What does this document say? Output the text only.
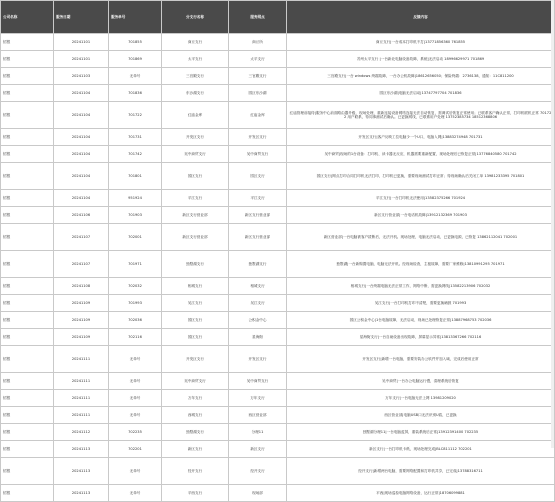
公司名称	服务日期	服务单号	分支行名称	服务网点	反馈内容
招银	20241101	701855	商丘支行	商丘所	商丘支行|一台成本打印机不打|13771856360 761855
招银	20241101	701869	太平支行	太平支行	苏州太平支行 |一台新北电脑设备故障，系统|无法启动 18996629971 701869
招银	20241103	无单号	三官殿支行	三官殿支行	三官殿支行|一台 windows 终端故障，一台办公机故障|18612656050；保险终端：2736138，通知：11C811200
招银	20241104	701836	东沙湖支行	园区东沙湖	园区东沙湖|电脑无法启动|13747797704 701836
招银	20241104	701722	红庙金库	红庙金库	红庙管理前接待|服务中心前面路由器升级，现场处理，重新连接设备网络连接无法自动恢复，需调试后恢复正常使用；已联系客户确认正常，打印机联机正常 701722 用户联系，待同事测试后确认。已更换网线，已联系用户处理 13752385734 18512368806
招银	20241104	701731	开发区支行	开发区支行	开发区支行|客户反映工位电脑少一个U口，电脑入网|13883274948 701731
招银	20241104	701742	吴中商贸支行	吴中商贸支行	吴中商贸|现场的1台设备：打印机、读卡器无反应，机器需要重新配置，现场处理后已恢复正常|13776840580 701742
招银	20241104	701801	园区支行	园区支行	园区支行|网点打印合同打印机无法打印，打印机已更换，需要现场测试打印正常；待现场确认后关闭工单 13981233395 701801
招银	20241104	951924	平江支行	平江支行	平江支行|一台打印机无法使用|13582375266 701924
招银	20241106	701903	新区支行营业部	新区支行营业部	新区支行营业部|一台电话机故障|13912132369 701903
招银	20241107	702001	新区支行营业部	新区支行营业部	新区营业部|一台电脑被客户拔断后，无法开机。现场处理，电脑无法启动，已更换电源，已恢复 13862112041 702001
招银	20241107	701971	独墅湖支行	独墅湖支行	独墅湖|一台新购置电脑，电脑无法开机。经现场检查，主板故障，需要厂家维修|13810991295 701971
招银	20241108	702032	相城支行	相城支行	相城支行|一台终端电脑无法正常工作，网络中断，需更换网线|13582213906 702032
招银	20241109	701993	吴江支行	吴江支行	吴江支行|一台打印机打印不清楚，需要更换硒鼓 701993
招银	20241109	702036	园区支行	公积金中心	园区公积金中心|1台电脑故障，无法启动，现场已处理恢复正常|13887968753 702036
招银	20241109	702116	园区支行	星海街	星海街支行|一台自助设备出现故障，屏幕显示异常|13813367266 702116
招银	20241111	无单号	开发区支行	开发区支行	开发区支行|新增一台电脑，需要安装办公软件并加入域，完成后使用正常
招银	20241111	无单号	吴中商贸支行	吴中商贸支行	吴中商贸|一台办公电脑运行慢，清理系统后恢复
招银	20241111	无单号	万年支行	万年支行	万年支行|一台电脑无法上网 13981209020
招银	20241111	无单号	西城支行	西区营业部	西区营业部|电脑USB口无法识别U盾，已更换
招银	20241112	702235	独墅湖支行	分理11	独墅湖分理11|一台电脑蓝屏，重装系统后正常|13912391400 702235
招银	20241113	702201	新区支行	新区支行	新区支行|一台打印机卡纸，现场处理完成|BLC811112 702201
招银	20241113	无单号	经开支行	经开支行	经开支行|新增两台电脑，需要网络配置和打印机共享，已完成|13788316711
招银	20241113	无单号	平西支行	现场部	平西|现场巡检电脑网络设备，运行正常|18706099881
